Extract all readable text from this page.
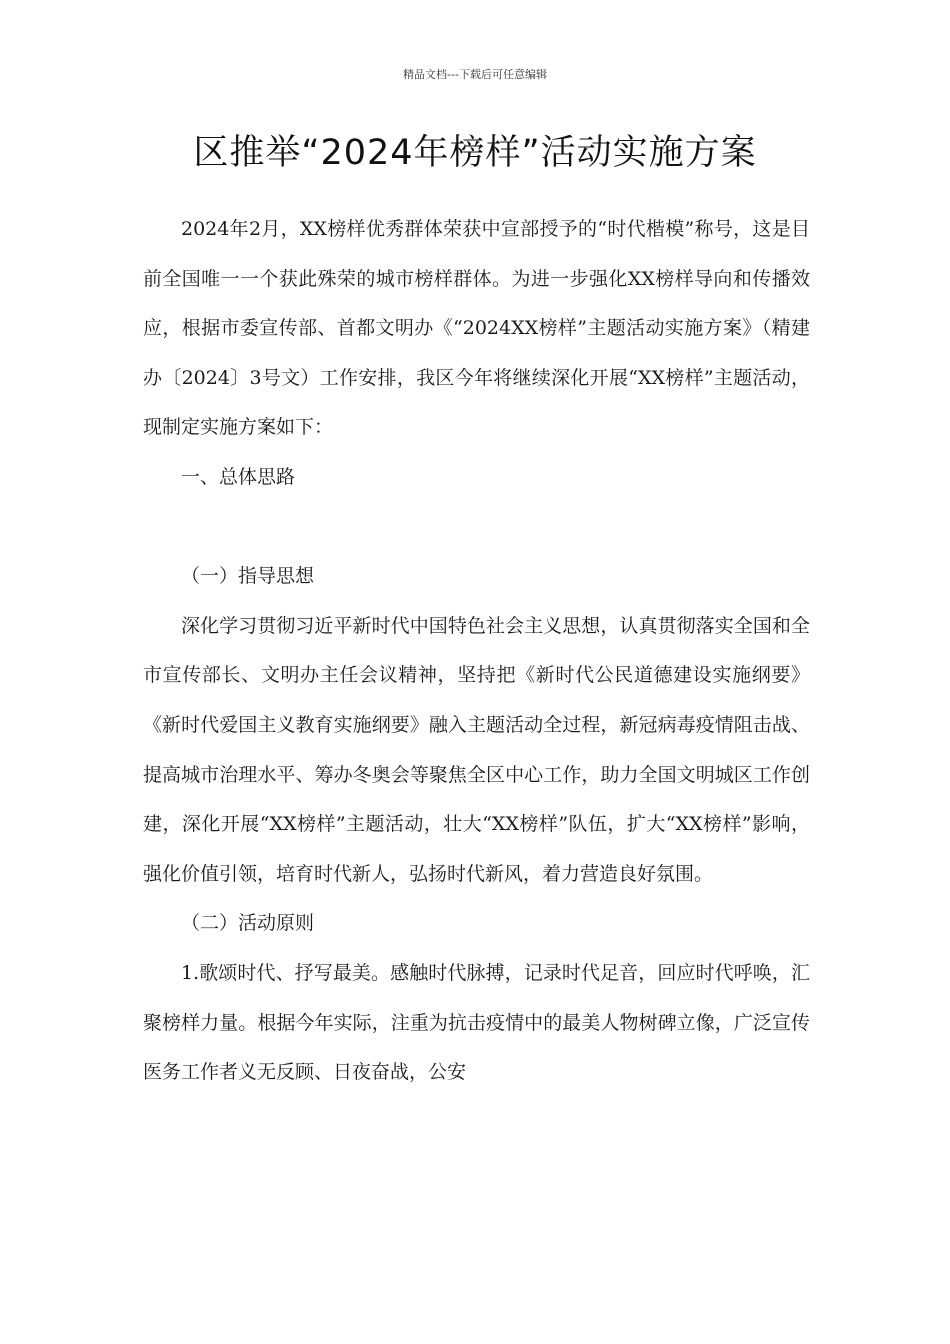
精品文档---下载后可任意编辑
区推举“2024年榜样”活动实施方案

2024年2月，XX榜样优秀群体荣获中宣部授予的“时代楷模”称号，这是目前全国唯一一个获此殊荣的城市榜样群体。为进一步强化XX榜样导向和传播效应，根据市委宣传部、首都文明办《“2024XX榜样”主题活动实施方案》（精建办〔2024〕3号文）工作安排，我区今年将继续深化开展“XX榜样”主题活动，现制定实施方案如下：

一、总体思路

（一）指导思想

深化学习贯彻习近平新时代中国特色社会主义思想，认真贯彻落实全国和全市宣传部长、文明办主任会议精神，坚持把《新时代公民道德建设实施纲要》《新时代爱国主义教育实施纲要》融入主题活动全过程，新冠病毒疫情阻击战、提高城市治理水平、筹办冬奥会等聚焦全区中心工作，助力全国文明城区工作创建，深化开展“XX榜样”主题活动，壮大“XX榜样”队伍，扩大“XX榜样”影响，强化价值引领，培育时代新人，弘扬时代新风，着力营造良好氛围。

（二）活动原则

1.歌颂时代、抒写最美。感触时代脉搏，记录时代足音，回应时代呼唤，汇聚榜样力量。根据今年实际，注重为抗击疫情中的最美人物树碑立像，广泛宣传医务工作者义无反顾、日夜奋战，公安
